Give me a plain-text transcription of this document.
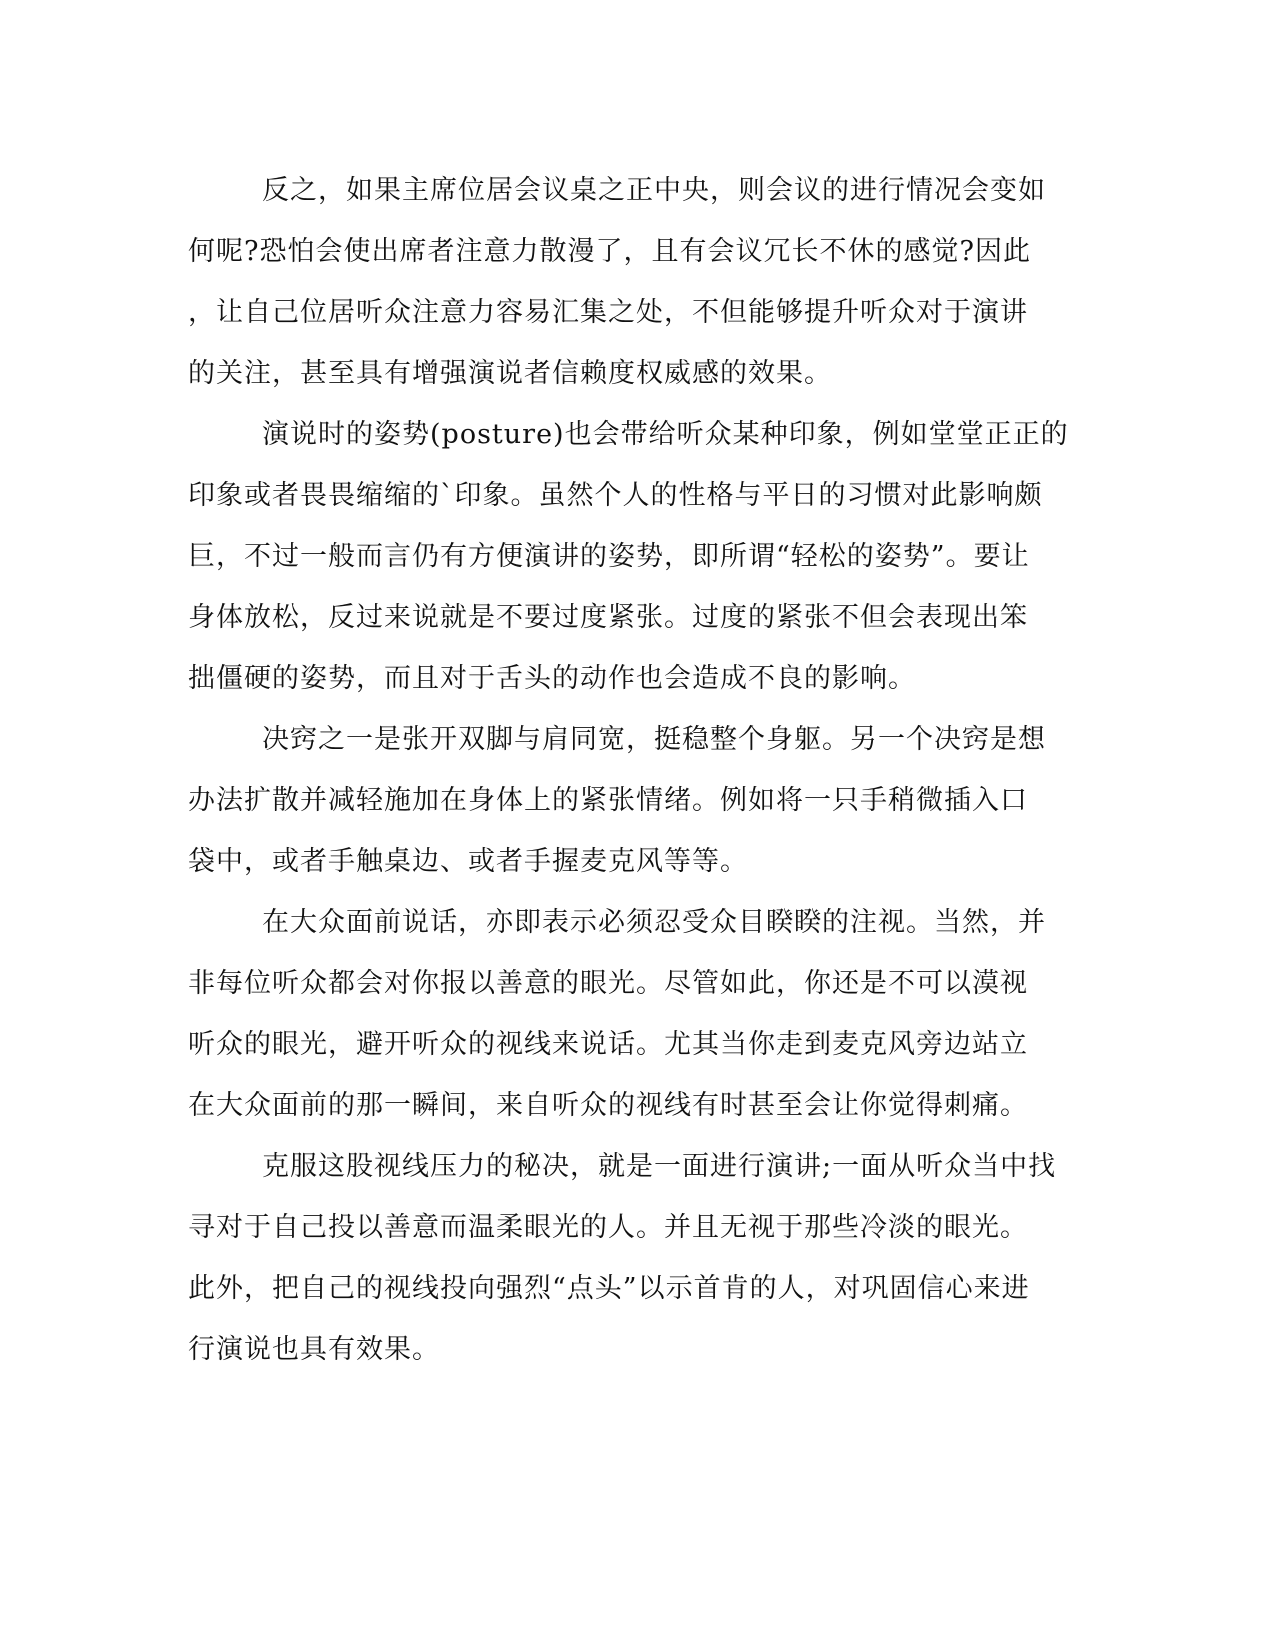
反之，如果主席位居会议桌之正中央，则会议的进行情况会变如
何呢?恐怕会使出席者注意力散漫了，且有会议冗长不休的感觉?因此
，让自己位居听众注意力容易汇集之处，不但能够提升听众对于演讲
的关注，甚至具有增强演说者信赖度权威感的效果。
演说时的姿势(posture)也会带给听众某种印象，例如堂堂正正的
印象或者畏畏缩缩的`印象。虽然个人的性格与平日的习惯对此影响颇
巨，不过一般而言仍有方便演讲的姿势，即所谓“轻松的姿势”。要让
身体放松，反过来说就是不要过度紧张。过度的紧张不但会表现出笨
拙僵硬的姿势，而且对于舌头的动作也会造成不良的影响。
决窍之一是张开双脚与肩同宽，挺稳整个身躯。另一个决窍是想
办法扩散并减轻施加在身体上的紧张情绪。例如将一只手稍微插入口
袋中，或者手触桌边、或者手握麦克风等等。
在大众面前说话，亦即表示必须忍受众目睽睽的注视。当然，并
非每位听众都会对你报以善意的眼光。尽管如此，你还是不可以漠视
听众的眼光，避开听众的视线来说话。尤其当你走到麦克风旁边站立
在大众面前的那一瞬间，来自听众的视线有时甚至会让你觉得刺痛。
克服这股视线压力的秘决，就是一面进行演讲;一面从听众当中找
寻对于自己投以善意而温柔眼光的人。并且无视于那些冷淡的眼光。
此外，把自己的视线投向强烈“点头”以示首肯的人，对巩固信心来进
行演说也具有效果。
